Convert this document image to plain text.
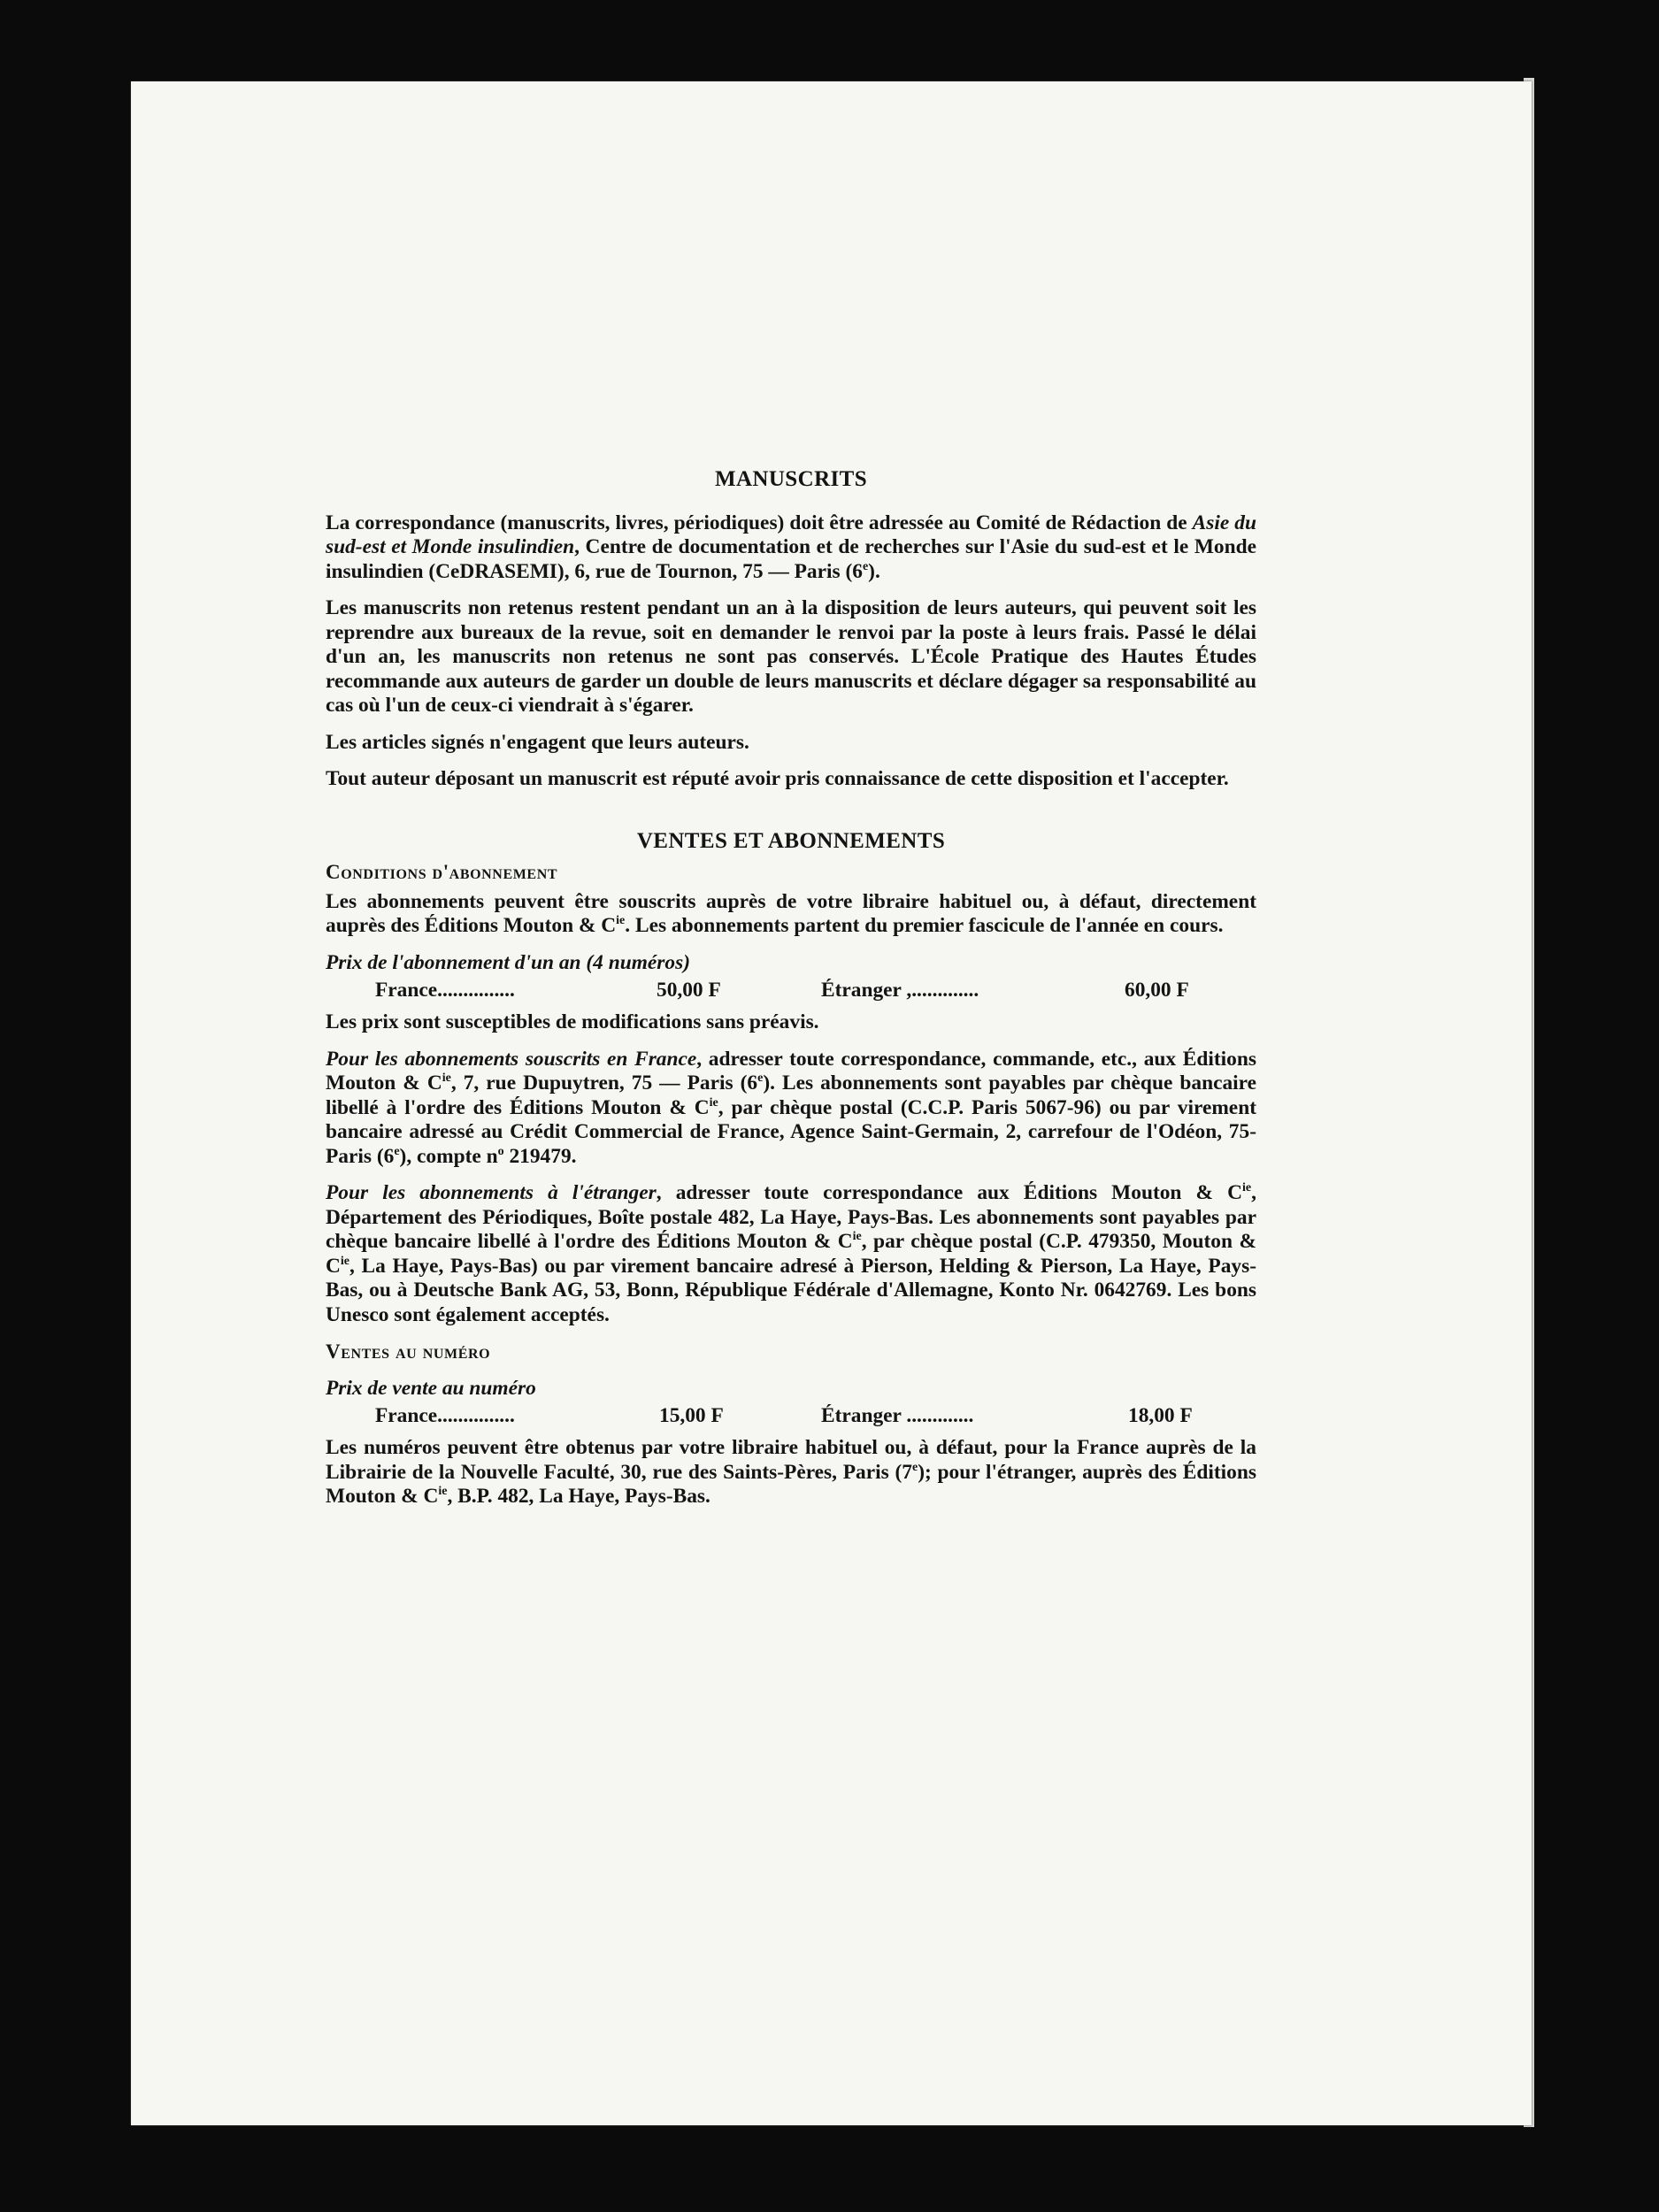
MANUSCRITS

La correspondance (manuscrits, livres, périodiques) doit être adressée au Comité de Rédaction de Asie du sud-est et Monde insulindien, Centre de documentation et de recherches sur l'Asie du sud-est et le Monde insulindien (CeDRASEMI), 6, rue de Tournon, 75 — Paris (6e).

Les manuscrits non retenus restent pendant un an à la disposition de leurs auteurs, qui peuvent soit les reprendre aux bureaux de la revue, soit en demander le renvoi par la poste à leurs frais. Passé le délai d'un an, les manuscrits non retenus ne sont pas conservés. L'École Pratique des Hautes Études recommande aux auteurs de garder un double de leurs manuscrits et déclare dégager sa responsabilité au cas où l'un de ceux-ci viendrait à s'égarer.

Les articles signés n'engagent que leurs auteurs.

Tout auteur déposant un manuscrit est réputé avoir pris connaissance de cette disposition et l'accepter.

VENTES ET ABONNEMENTS
Conditions d'abonnement

Les abonnements peuvent être souscrits auprès de votre libraire habituel ou, à défaut, directement auprès des Éditions Mouton & $C^{ie}$. Les abonnements partent du premier fascicule de l'année en cours.

Prix de l'abonnement d'un an (4 numéros)
France...............	50,00 F	Étranger ,.............	60,00 F

Les prix sont susceptibles de modifications sans préavis.

Pour les abonnements souscrits en France, adresser toute correspondance, commande, etc., aux Éditions Mouton & $C^{ie}$, 7, rue Dupuytren, 75 — Paris (6e). Les abonnements sont payables par chèque bancaire libellé à l'ordre des Éditions Mouton & $C^{ie}$, par chèque postal (C.C.P. Paris 5067-96) ou par virement bancaire adressé au Crédit Commercial de France, Agence Saint-Germain, 2, carrefour de l'Odéon, 75-Paris (6e), compte $n^o$ 219479.

Pour les abonnements à l'étranger, adresser toute correspondance aux Éditions Mouton & $C^{ie}$, Département des Périodiques, Boîte postale 482, La Haye, Pays-Bas. Les abonnements sont payables par chèque bancaire libellé à l'ordre des Éditions Mouton & $C^{ie}$, par chèque postal (C.P. 479350, Mouton & $C^{ie}$, La Haye, Pays-Bas) ou par virement bancaire adresé à Pierson, Helding & Pierson, La Haye, Pays-Bas, ou à Deutsche Bank AG, 53, Bonn, République Fédérale d'Allemagne, Konto Nr. 0642769. Les bons Unesco sont également acceptés.

Ventes au numéro
Prix de vente au numéro
France...............	15,00 F	Étranger .............	18,00 F

Les numéros peuvent être obtenus par votre libraire habituel ou, à défaut, pour la France auprès de la Librairie de la Nouvelle Faculté, 30, rue des Saints-Pères, Paris (7e); pour l'étranger, auprès des Éditions Mouton & $C^{ie}$, B.P. 482, La Haye, Pays-Bas.
